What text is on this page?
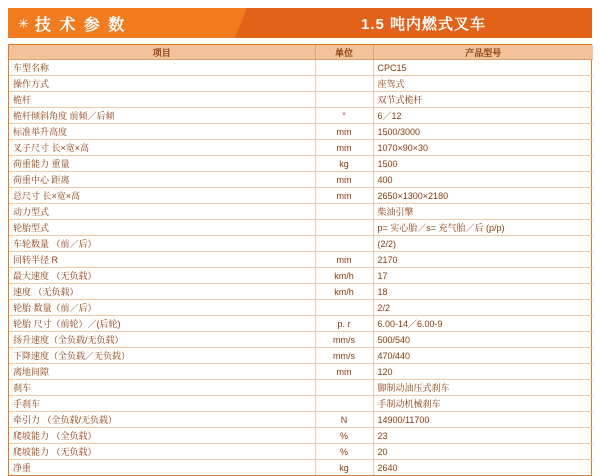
✳ 技 术 参 数	1.5 吨内燃式叉车
项目	单位	产品型号
车型名称		CPC15
操作方式		座驾式
桅杆		双节式桅杆
桅杆倾斜角度 前倾／后倾	°	6／12
标准举升高度	mm	1500/3000
叉子尺寸 长×宽×高	mm	1070×90×30
荷重能力 重量	kg	1500
荷重中心 距离	mm	400
总尺寸 长×宽×高	mm	2650×1300×2180
动力型式		柴油引擎
轮胎型式		p= 实心胎／s= 充气胎／后 (p/p)
车轮数量 （前／后）		(2/2)
回转半径 R	mm	2170
最大速度 （无负载）	km/h	17
速度 （无负载）	km/h	18
轮胎 数量（前／后）		2/2
轮胎 尺寸（前轮）／(后轮)	p. r	6.00-14／6.00-9
扬升速度（全负载/无负载）	mm/s	500/540
下降速度（全负载／无负载）	mm/s	470/440
离地间隙	mm	120
刹车		脚制动油压式刹车
手刹车		手制动机械刹车
牵引力 （全负载/无负载）	N	14900/11700
爬坡能力 （全负载）	%	23
爬坡能力 （无负载）	%	20
净重	kg	2640
